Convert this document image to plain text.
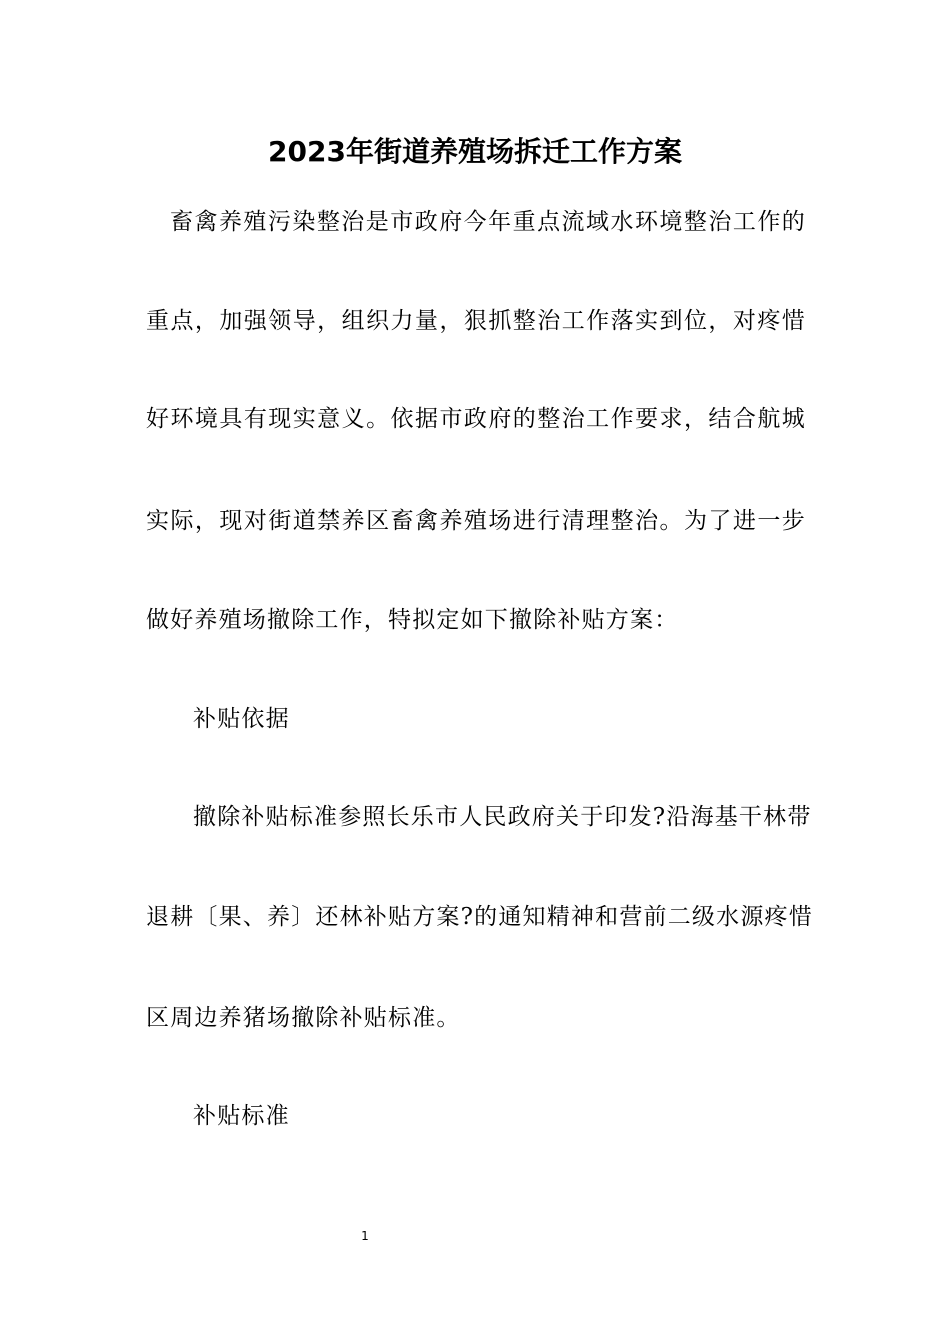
2023年街道养殖场拆迁工作方案

畜禽养殖污染整治是市政府今年重点流域水环境整治工作的

重点，加强领导，组织力量，狠抓整治工作落实到位，对疼惜

好环境具有现实意义。依据市政府的整治工作要求，结合航城

实际，现对街道禁养区畜禽养殖场进行清理整治。为了进一步

做好养殖场撤除工作，特拟定如下撤除补贴方案：

补贴依据

撤除补贴标准参照长乐市人民政府关于印发?沿海基干林带

退耕〔果、养〕还林补贴方案?的通知精神和营前二级水源疼惜

区周边养猪场撤除补贴标准。

补贴标准

1
